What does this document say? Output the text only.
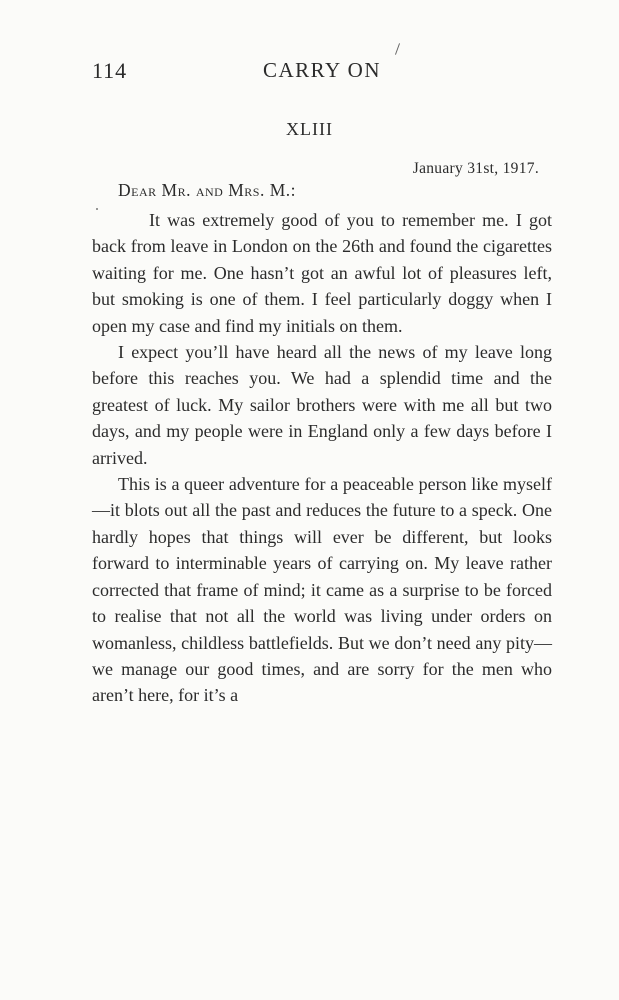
114	CARRY ON
XLIII
January 31st, 1917.
Dear Mr. and Mrs. M.:

It was extremely good of you to remember me. I got back from leave in London on the 26th and found the cigarettes waiting for me. One hasn’t got an awful lot of pleasures left, but smoking is one of them. I feel particularly doggy when I open my case and find my initials on them.

I expect you’ll have heard all the news of my leave long before this reaches you. We had a splendid time and the greatest of luck. My sailor brothers were with me all but two days, and my people were in England only a few days before I arrived.

This is a queer adventure for a peaceable person like myself—it blots out all the past and reduces the future to a speck. One hardly hopes that things will ever be different, but looks forward to interminable years of carrying on. My leave rather corrected that frame of mind; it came as a surprise to be forced to realise that not all the world was living under orders on womanless, childless battlefields. But we don’t need any pity—we manage our good times, and are sorry for the men who aren’t here, for it’s a
